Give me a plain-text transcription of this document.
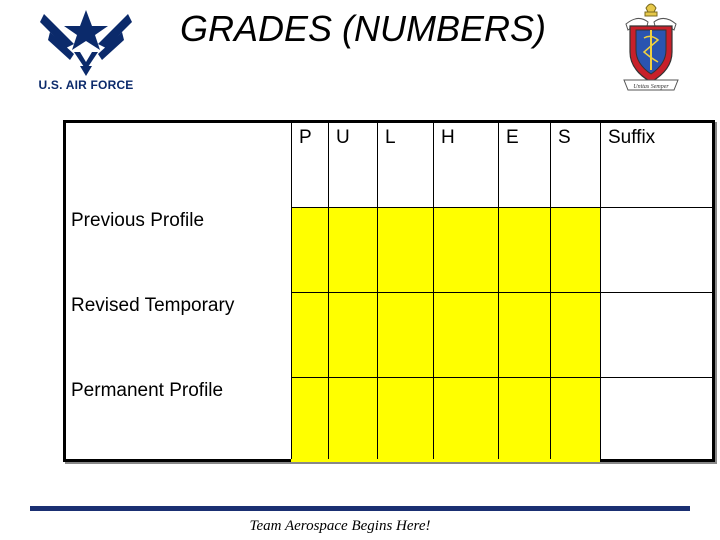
U.S. AIR FORCE
GRADES (NUMBERS)
Unitas Semper
P U L H	E S Suffix
Previous Profile
Revised Temporary
Permanent Profile
Team Aerospace Begins Here!
